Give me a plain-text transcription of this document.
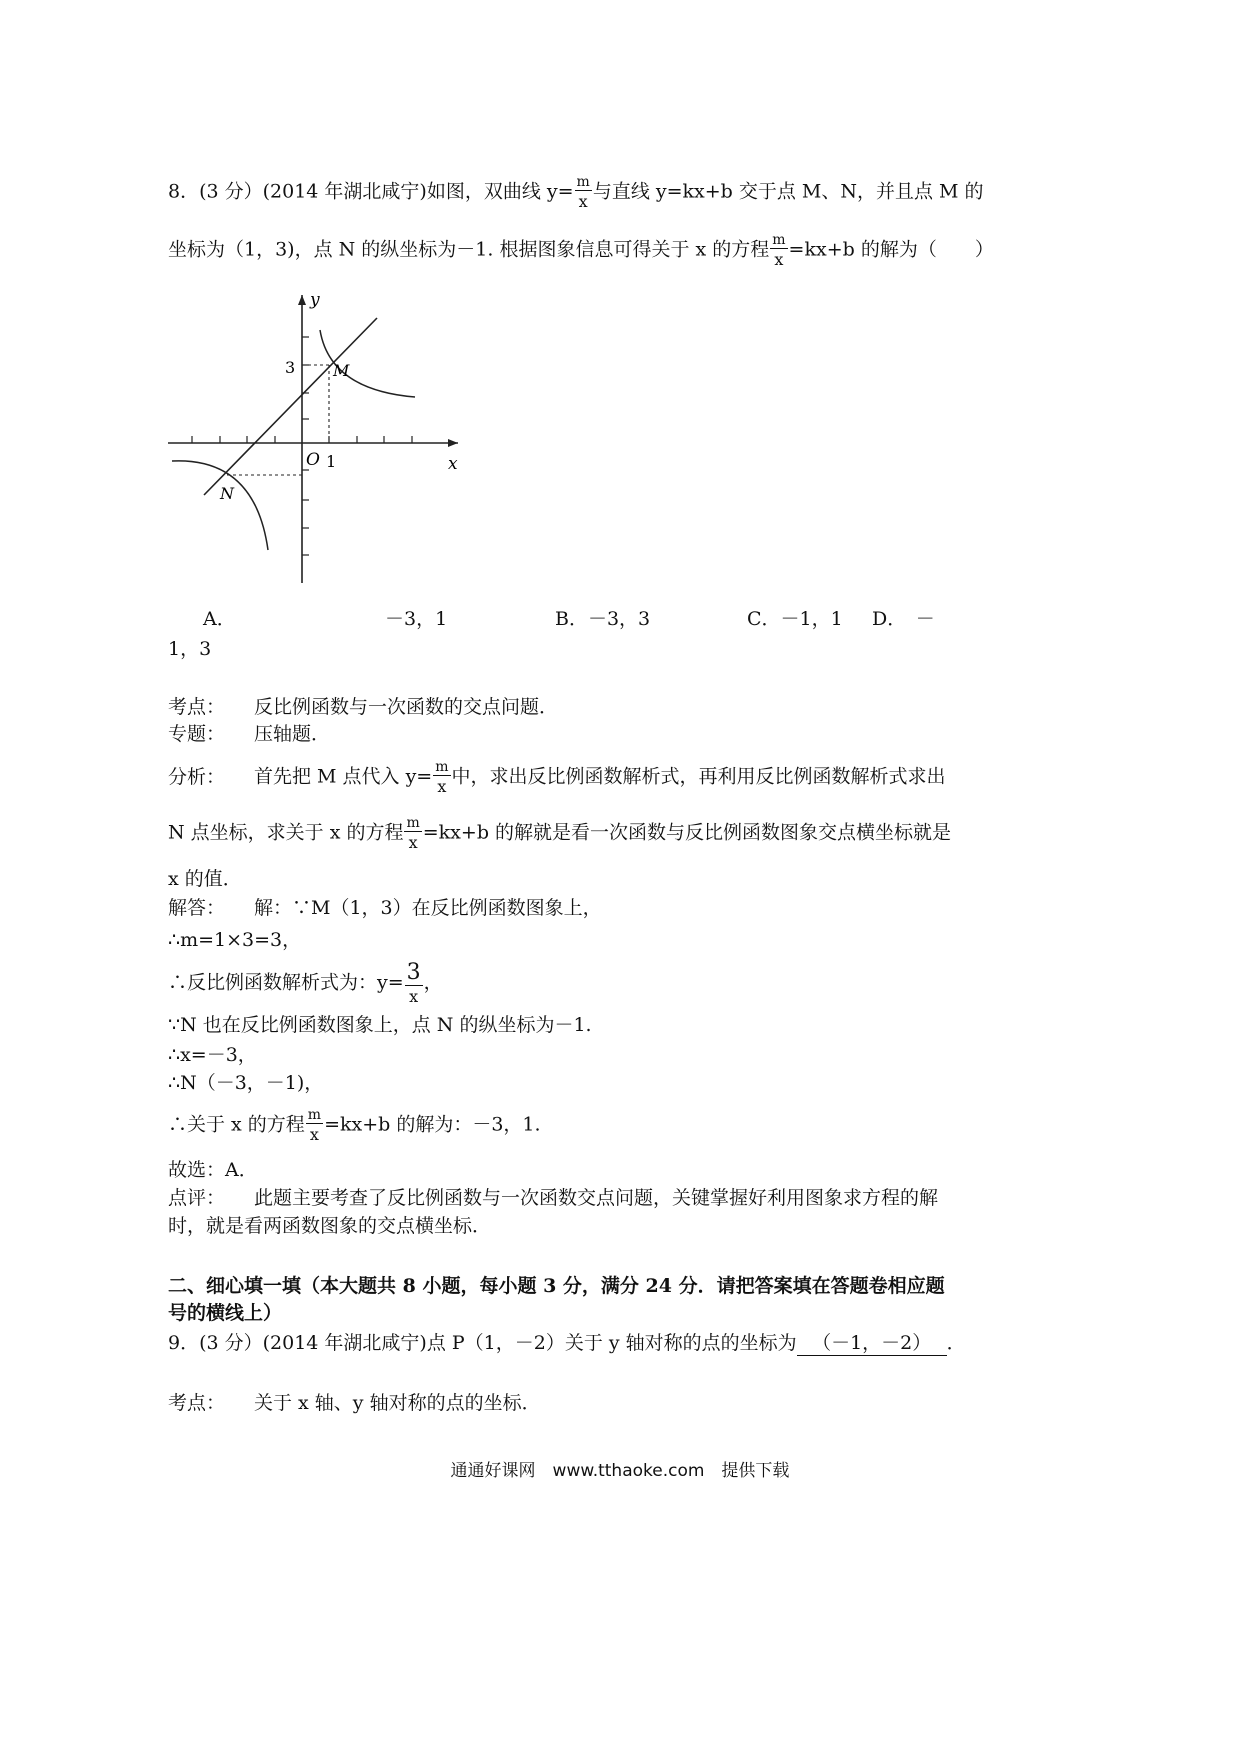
8．(3 分）(2014 年湖北咸宁)如图，双曲线 $y= \frac{m}{x}$ 与直线 y=kx+b 交于点 M、N，并且点 M 的
坐标为（1，3)，点 N 的纵坐标为－1. 根据图象信息可得关于 x 的方程 $\frac{m}{x} =kx+b$ 的解为（　　）
y
x
O 1
3 M
N
A．	－3，1	B．－3，3	C．－1，1 D．　－
1，3
考点： 反比例函数与一次函数的交点问题．
专题： 压轴题．
分析： 首先把 M 点代入 $y= \frac{m}{x}$ 中，求出反比例函数解析式，再利用反比例函数解析式求出
N 点坐标，求关于 x 的方程 $\frac{m}{x} =kx+b$ 的解就是看一次函数与反比例函数图象交点横坐标就是
x 的值．
解答： 解：∵M（1，3）在反比例函数图象上，
∴m=1×3=3，
∴反比例函数解析式为：$y= \frac{3}{x}$ ，
∵N 也在反比例函数图象上，点 N 的纵坐标为－1.
∴x=－3，
∴N（－3，－1)，
∴关于 x 的方程 $\frac{m}{x} =kx+b$ 的解为：－3，1.
故选：A．
点评： 此题主要考查了反比例函数与一次函数交点问题，关键掌握好利用图象求方程的解
时，就是看两函数图象的交点横坐标．
二、细心填一填（本大题共 8 小题，每小题 3 分，满分 24 分．请把答案填在答题卷相应题
号的横线上）
9．(3 分）(2014 年湖北咸宁)点 P（1，－2）关于 y 轴对称的点的坐标为 （－1，－2） ．
考点： 关于 x 轴、y 轴对称的点的坐标．
通通好课网　www.tthaoke.com　提供下载
